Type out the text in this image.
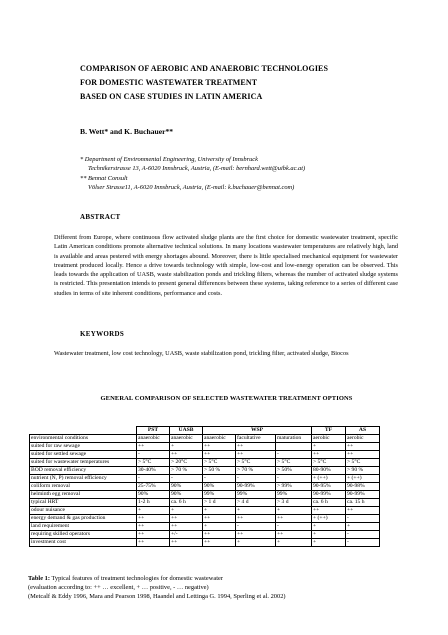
COMPARISON OF AEROBIC AND ANAEROBIC TECHNOLOGIES
FOR DOMESTIC WASTEWATER TREATMENT
BASED ON CASE STUDIES IN LATIN AMERICA
B. Wett* and K. Buchauer**
* Department of Environmental Engineering, University of Innsbruck
Technikerstrasse 13, A-6020 Innsbruck, Austria, (E-mail: bernhard.wett@uibk.ac.at)
** Bennat Consult
Völser Strasse11, A-6020 Innsbruck, Austria, (E-mail: k.buchauer@bennat.com)
ABSTRACT
Different from Europe, where continuous flow activated sludge plants are the first choice for domestic wastewater treatment, specific Latin American conditions promote alternative technical solutions. In many locations wastewater temperatures are relatively high, land is available and areas pestered with energy shortages abound. Moreover, there is little specialised mechanical equipment for wastewater treatment produced locally. Hence a drive towards technology with simple, low-cost and low-energy operation can be observed. This leads towards the application of UASB, waste stabilization ponds and trickling filters, whereas the number of activated sludge systems is restricted. This presentation intends to present general differences between these systems, taking reference to a series of different case studies in terms of site inherent conditions, performance and costs.
KEYWORDS
Wastewater treatment, low cost technology, UASB, waste stabilization pond, trickling filter, activated sludge, Biocos
GENERAL COMPARISON OF SELECTED WASTEWATER TREATMENT OPTIONS
	PST	UASB	WSP			TF	AS
environmental conditions	anaerobic	anaerobic	anaerobic	facultative	maturation	aerobic	aerobic
suited for raw sewage	++	+	++	++		+	++
suited for settled sewage	-	++	++	++	-	++	++
suited for wastewater temperatures	> 5°C	> 20°C	> 5°C	> 5°C	> 5°C	> 5°C	> 5°C
BOD removal efficiency	30-40%	> 70 %	> 50 %	> 70 %	> 50%	80-90%	> 90 %
nutrient (N, P) removal efficiency	-	-	-	-	-	+ (++)	+ (++)
coliform removal	25-75%	90%	90%	90-99%	> 99%	90-95%	90-98%
helminth egg removal	90%	90%	99%	99%	99%	90-99%	90-99%
typical HRT	1-2 h	ca. 6 h	> 1 d	> 4 d	> 3 d	ca. 6 h	ca. 15 h
odour nuisance	+	+	+	+	+	++	++
energy demand & gas production	++	++	++	++	++	+ (++)	-
land requirement	++	++	+	-	-	+	+
requiring skilled operators	++	+/-	++	++	++	+	-
investment cost	++	++	++	+	+	+	-
Table 1: Typical features of treatment technologies for domestic wastewater
(evaluation according to: ++ … excellent, + … positive, - … negative)
(Metcalf & Eddy 1996, Mara and Pearson 1998, Haandel and Lettinga G. 1994, Sperling et al. 2002)
